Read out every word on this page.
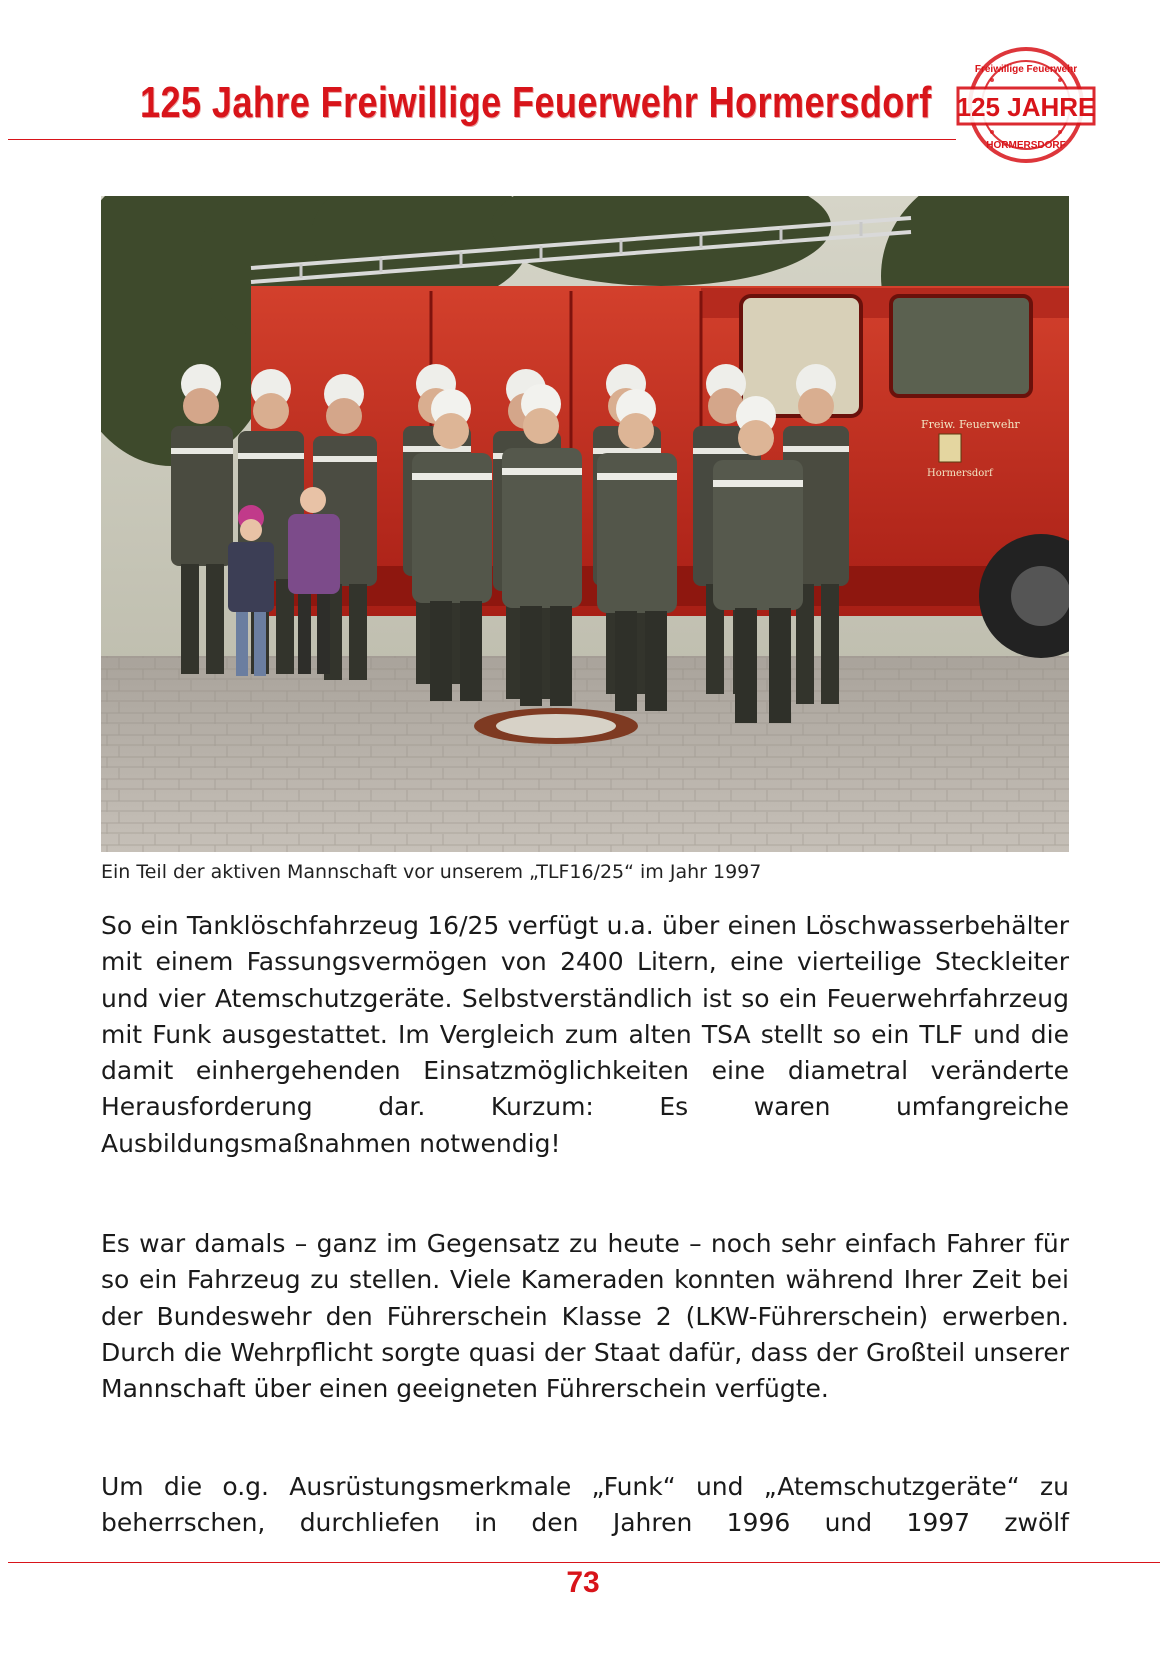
125 Jahre Freiwillige Feuerwehr Hormersdorf 125 JAHRE
Freiwillige Feuerwehr
HORMERSDORF
Freiw. Feuerwehr
Hormersdorf

Ein Teil der aktiven Mannschaft vor unserem „TLF16/25“ im Jahr 1997

So ein Tanklöschfahrzeug 16/25 verfügt u.a. über einen Löschwasserbehälter mit einem Fassungsvermögen von 2400 Litern, eine vierteilige Steckleiter und vier Atemschutzgeräte. Selbstverständlich ist so ein Feuerwehrfahrzeug mit Funk ausgestattet. Im Vergleich zum alten TSA stellt so ein TLF und die damit einhergehenden Einsatzmöglichkeiten eine diametral veränderte Herausforderung dar. Kurzum: Es waren umfangreiche Ausbildungsmaßnahmen notwendig!

Es war damals – ganz im Gegensatz zu heute – noch sehr einfach Fahrer für so ein Fahrzeug zu stellen. Viele Kameraden konnten während Ihrer Zeit bei der Bundeswehr den Führerschein Klasse 2 (LKW-Führerschein) erwerben. Durch die Wehrpflicht sorgte quasi der Staat dafür, dass der Großteil unserer Mannschaft über einen geeigneten Führerschein verfügte.

Um die o.g. Ausrüstungsmerkmale „Funk“ und „Atemschutzgeräte“ zu beherrschen, durchliefen in den Jahren 1996 und 1997 zwölf

73
